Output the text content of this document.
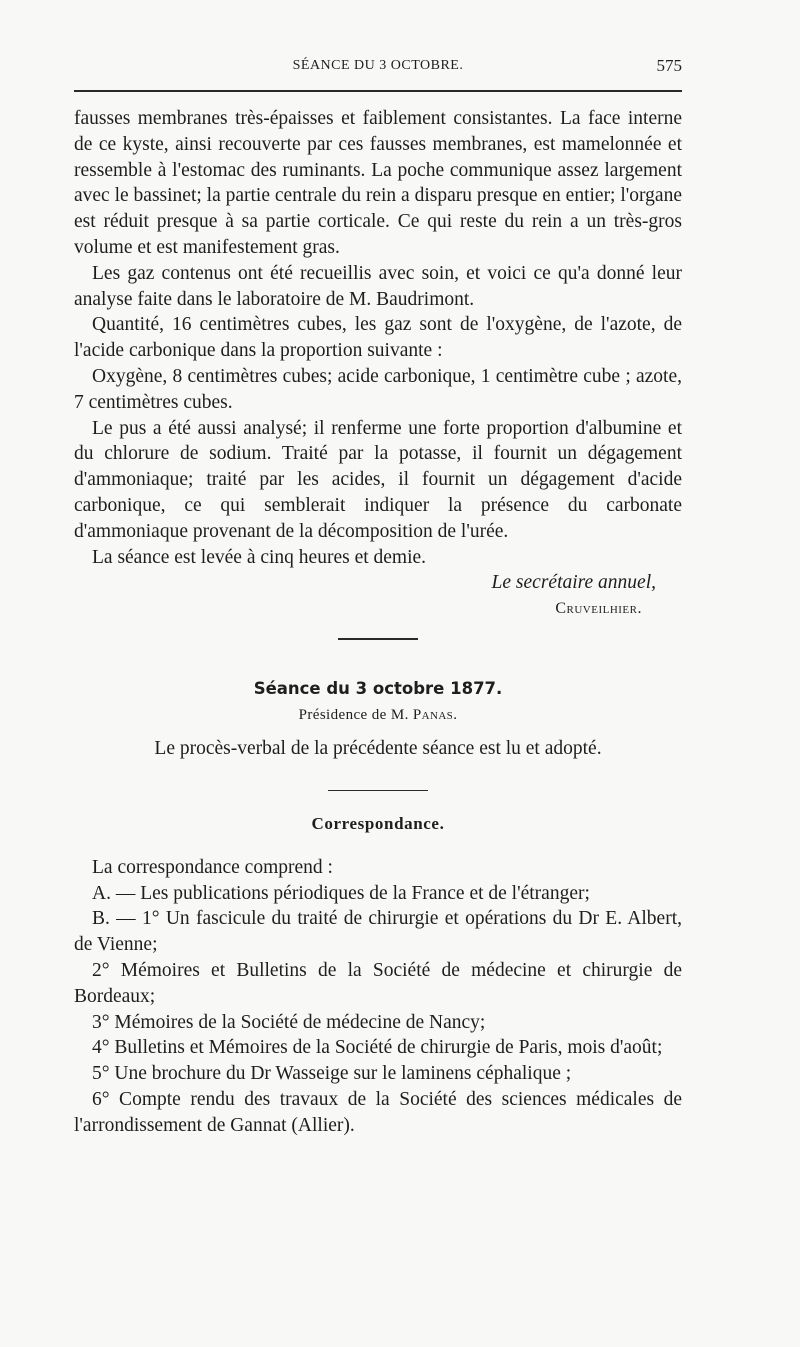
SÉANCE DU 3 OCTOBRE.	575

fausses membranes très-épaisses et faiblement consistantes. La face interne de ce kyste, ainsi recouverte par ces fausses membranes, est mamelonnée et ressemble à l'estomac des ruminants. La poche communique assez largement avec le bassinet; la partie centrale du rein a disparu presque en entier; l'organe est réduit presque à sa partie corticale. Ce qui reste du rein a un très-gros volume et est manifestement gras.

Les gaz contenus ont été recueillis avec soin, et voici ce qu'a donné leur analyse faite dans le laboratoire de M. Baudrimont.

Quantité, 16 centimètres cubes, les gaz sont de l'oxygène, de l'azote, de l'acide carbonique dans la proportion suivante :

Oxygène, 8 centimètres cubes; acide carbonique, 1 centimètre cube ; azote, 7 centimètres cubes.

Le pus a été aussi analysé; il renferme une forte proportion d'albumine et du chlorure de sodium. Traité par la potasse, il fournit un dégagement d'ammoniaque; traité par les acides, il fournit un dégagement d'acide carbonique, ce qui semblerait indiquer la présence du carbonate d'ammoniaque provenant de la décomposition de l'urée.

La séance est levée à cinq heures et demie.

Le secrétaire annuel,
Cruveilhier.
Séance du 3 octobre 1877.
Présidence de M. Panas.
Le procès-verbal de la précédente séance est lu et adopté.
Correspondance.

La correspondance comprend :

A. — Les publications périodiques de la France et de l'étranger;

B. — 1° Un fascicule du traité de chirurgie et opérations du Dr E. Albert, de Vienne;

2° Mémoires et Bulletins de la Société de médecine et chirurgie de Bordeaux;

3° Mémoires de la Société de médecine de Nancy;

4° Bulletins et Mémoires de la Société de chirurgie de Paris, mois d'août;

5° Une brochure du Dr Wasseige sur le laminens céphalique ;

6° Compte rendu des travaux de la Société des sciences médicales de l'arrondissement de Gannat (Allier).
